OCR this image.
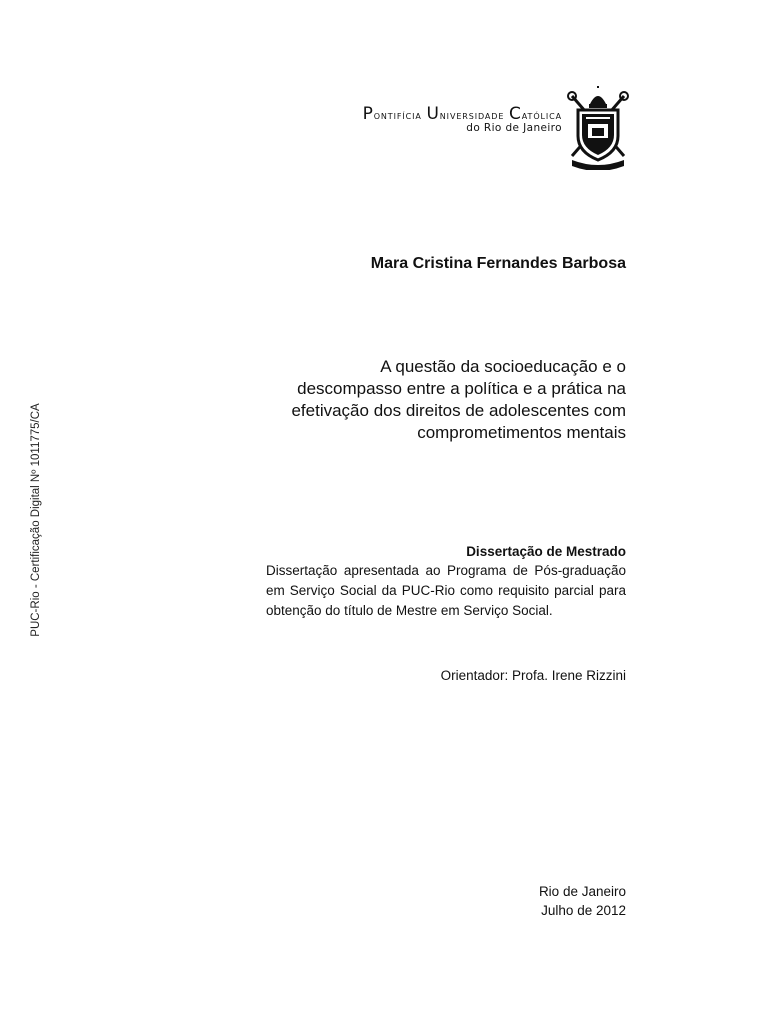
PUC-Rio - Certificação Digital Nº 1011775/CA
Pontifícia Universidade Católica
do Rio de Janeiro
Mara Cristina Fernandes Barbosa
A questão da socioeducação e o
descompasso entre a política e a prática na
efetivação dos direitos de adolescentes com
comprometimentos mentais
Dissertação de Mestrado
Dissertação apresentada ao Programa de Pós-graduação em Serviço Social da PUC-Rio como requisito parcial para obtenção do título de Mestre em Serviço Social.
Orientador: Profa. Irene Rizzini
Rio de Janeiro
Julho de 2012
